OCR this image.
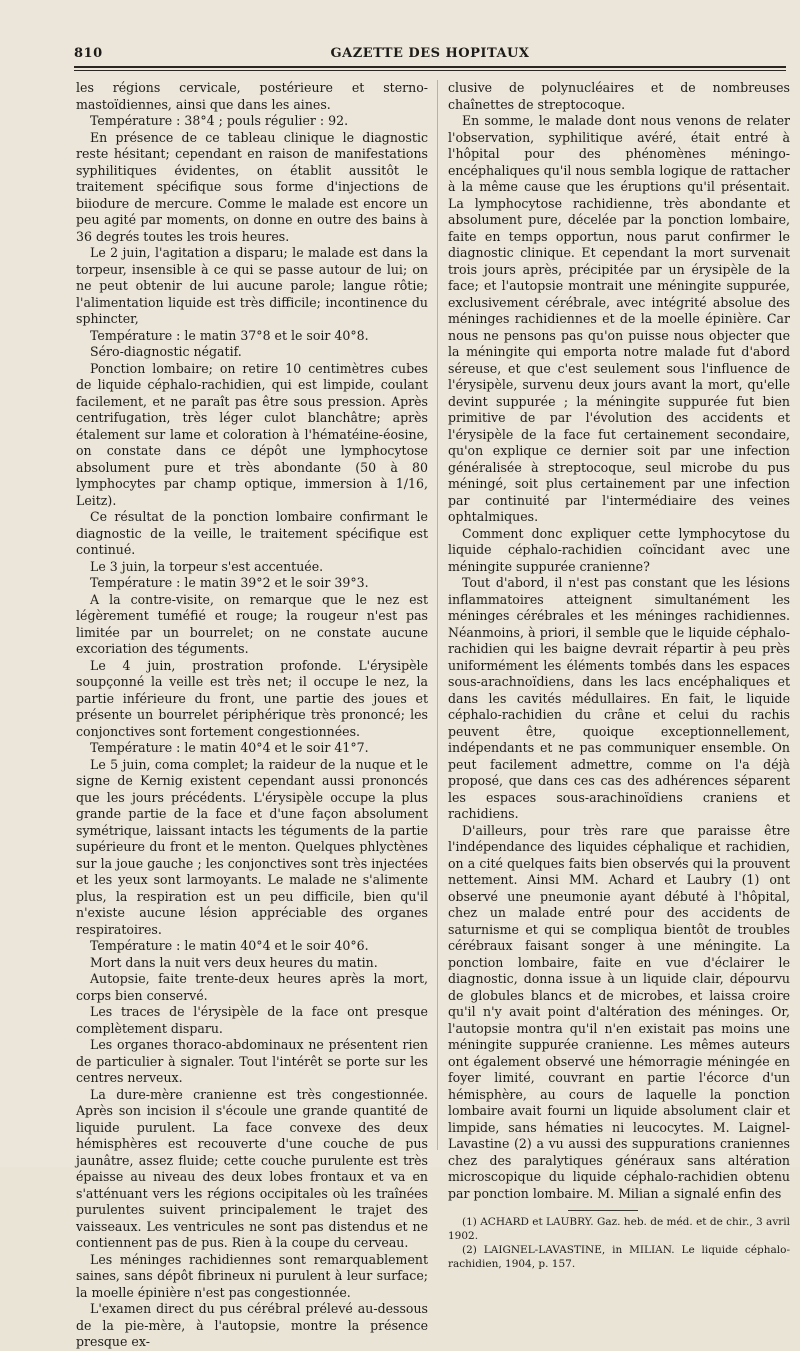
810	GAZETTE DES HOPITAUX

les régions cervicale, postérieure et sterno-mastoïdiennes, ainsi que dans les aines.

Température : 38°4 ; pouls régulier : 92.

En présence de ce tableau clinique le diagnostic reste hésitant; cependant en raison de manifestations syphilitiques évidentes, on établit aussitôt le traitement spécifique sous forme d'injections de biiodure de mercure. Comme le malade est encore un peu agité par moments, on donne en outre des bains à 36 degrés toutes les trois heures.

Le 2 juin, l'agitation a disparu; le malade est dans la torpeur, insensible à ce qui se passe autour de lui; on ne peut obtenir de lui aucune parole; langue rôtie; l'alimentation liquide est très difficile; incontinence du sphincter,

Température : le matin 37°8 et le soir 40°8.

Séro-diagnostic négatif.

Ponction lombaire; on retire 10 centimètres cubes de liquide céphalo-rachidien, qui est limpide, coulant facilement, et ne paraît pas être sous pression. Après centrifugation, très léger culot blanchâtre; après étalement sur lame et coloration à l'hématéine-éosine, on constate dans ce dépôt une lymphocytose absolument pure et très abondante (50 à 80 lymphocytes par champ optique, immersion à 1/16, Leitz).

Ce résultat de la ponction lombaire confirmant le diagnostic de la veille, le traitement spécifique est continué.

Le 3 juin, la torpeur s'est accentuée.

Température : le matin 39°2 et le soir 39°3.

A la contre-visite, on remarque que le nez est légèrement tuméfié et rouge; la rougeur n'est pas limitée par un bourrelet; on ne constate aucune excoriation des téguments.

Le 4 juin, prostration profonde. L'érysipèle soupçonné la veille est très net; il occupe le nez, la partie inférieure du front, une partie des joues et présente un bourrelet périphérique très prononcé; les conjonctives sont fortement congestionnées.

Température : le matin 40°4 et le soir 41°7.

Le 5 juin, coma complet; la raideur de la nuque et le signe de Kernig existent cependant aussi prononcés que les jours précédents. L'érysipèle occupe la plus grande partie de la face et d'une façon absolument symétrique, laissant intacts les téguments de la partie supérieure du front et le menton. Quelques phlyctènes sur la joue gauche ; les conjonctives sont très injectées et les yeux sont larmoyants. Le malade ne s'alimente plus, la respiration est un peu difficile, bien qu'il n'existe aucune lésion appréciable des organes respiratoires.

Température : le matin 40°4 et le soir 40°6.

Mort dans la nuit vers deux heures du matin.

Autopsie, faite trente-deux heures après la mort, corps bien conservé.

Les traces de l'érysipèle de la face ont presque complètement disparu.

Les organes thoraco-abdominaux ne présentent rien de particulier à signaler. Tout l'intérêt se porte sur les centres nerveux.

La dure-mère cranienne est très congestionnée. Après son incision il s'écoule une grande quantité de liquide purulent. La face convexe des deux hémisphères est recouverte d'une couche de pus jaunâtre, assez fluide; cette couche purulente est très épaisse au niveau des deux lobes frontaux et va en s'atténuant vers les régions occipitales où les traînées purulentes suivent principalement le trajet des vaisseaux. Les ventricules ne sont pas distendus et ne contiennent pas de pus. Rien à la coupe du cerveau.

Les méninges rachidiennes sont remarquablement saines, sans dépôt fibrineux ni purulent à leur surface; la moelle épinière n'est pas congestionnée.

L'examen direct du pus cérébral prélevé au-dessous de la pie-mère, à l'autopsie, montre la présence presque ex-

clusive de polynucléaires et de nombreuses chaînettes de streptocoque.

En somme, le malade dont nous venons de relater l'observation, syphilitique avéré, était entré à l'hôpital pour des phénomènes méningo-encéphaliques qu'il nous sembla logique de rattacher à la même cause que les éruptions qu'il présentait. La lymphocytose rachidienne, très abondante et absolument pure, décelée par la ponction lombaire, faite en temps opportun, nous parut confirmer le diagnostic clinique. Et cependant la mort survenait trois jours après, précipitée par un érysipèle de la face; et l'autopsie montrait une méningite suppurée, exclusivement cérébrale, avec intégrité absolue des méninges rachidiennes et de la moelle épinière. Car nous ne pensons pas qu'on puisse nous objecter que la méningite qui emporta notre malade fut d'abord séreuse, et que c'est seulement sous l'influence de l'érysipèle, survenu deux jours avant la mort, qu'elle devint suppurée ; la méningite suppurée fut bien primitive de par l'évolution des accidents et l'érysipèle de la face fut certainement secondaire, qu'on explique ce dernier soit par une infection généralisée à streptocoque, seul microbe du pus méningé, soit plus certainement par une infection par continuité par l'intermédiaire des veines ophtalmiques.

Comment donc expliquer cette lymphocytose du liquide céphalo-rachidien coïncidant avec une méningite suppurée cranienne?

Tout d'abord, il n'est pas constant que les lésions inflammatoires atteignent simultanément les méninges cérébrales et les méninges rachidiennes. Néanmoins, à priori, il semble que le liquide céphalo-rachidien qui les baigne devrait répartir à peu près uniformément les éléments tombés dans les espaces sous-arachnoïdiens, dans les lacs encéphaliques et dans les cavités médullaires. En fait, le liquide céphalo-rachidien du crâne et celui du rachis peuvent être, quoique exceptionnellement, indépendants et ne pas communiquer ensemble. On peut facilement admettre, comme on l'a déjà proposé, que dans ces cas des adhérences séparent les espaces sous-arachinoïdiens craniens et rachidiens.

D'ailleurs, pour très rare que paraisse être l'indépendance des liquides céphalique et rachidien, on a cité quelques faits bien observés qui la prouvent nettement. Ainsi MM. Achard et Laubry (1) ont observé une pneumonie ayant débuté à l'hôpital, chez un malade entré pour des accidents de saturnisme et qui se compliqua bientôt de troubles cérébraux faisant songer à une méningite. La ponction lombaire, faite en vue d'éclairer le diagnostic, donna issue à un liquide clair, dépourvu de globules blancs et de microbes, et laissa croire qu'il n'y avait point d'altération des méninges. Or, l'autopsie montra qu'il n'en existait pas moins une méningite suppurée cranienne. Les mêmes auteurs ont également observé une hémorragie méningée en foyer limité, couvrant en partie l'écorce d'un hémisphère, au cours de laquelle la ponction lombaire avait fourni un liquide absolument clair et limpide, sans hématies ni leucocytes. M. Laignel-Lavastine (2) a vu aussi des suppurations craniennes chez des paralytiques généraux sans altération microscopique du liquide céphalo-rachidien obtenu par ponction lombaire. M. Milian a signalé enfin des

(1) ACHARD et LAUBRY. Gaz. heb. de méd. et de chir., 3 avril 1902.

(2) LAIGNEL-LAVASTINE, in MILIAN. Le liquide céphalo-rachidien, 1904, p. 157.
